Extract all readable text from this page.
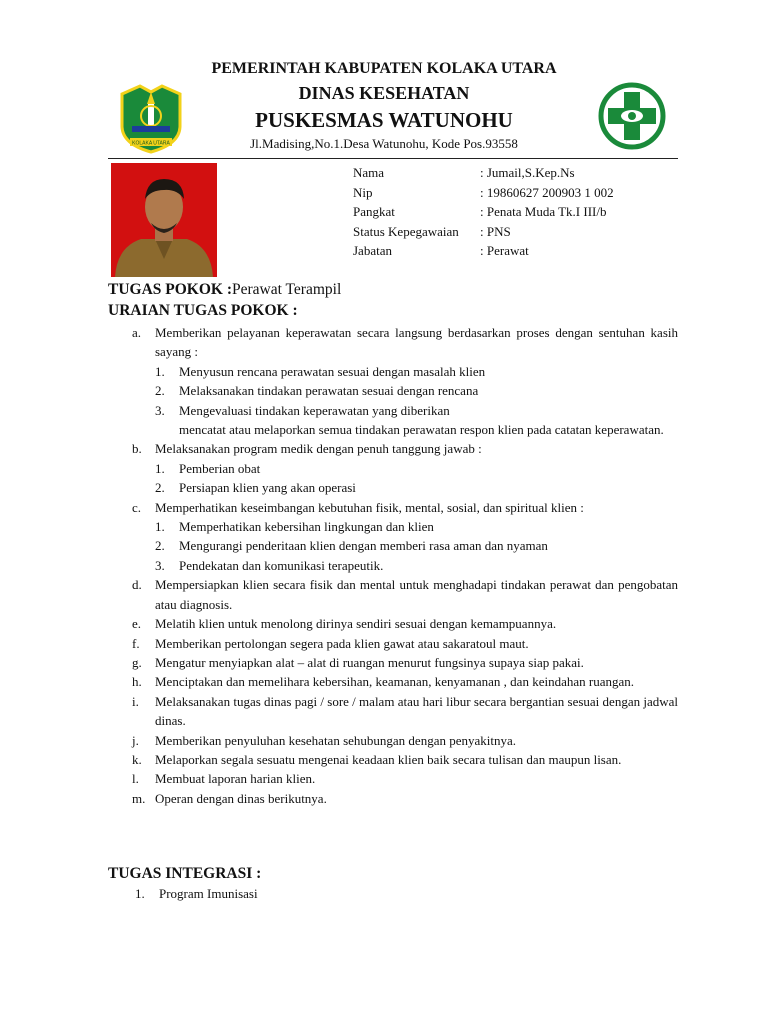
PEMERINTAH KABUPATEN KOLAKA UTARA
DINAS KESEHATAN
PUSKESMAS WATUNOHU
Jl.Madising,No.1.Desa Watunohu, Kode Pos.93558
KOLAKA UTARA
Nama	: Jumail,S.Kep.Ns
Nip	: 19860627 200903 1 002
Pangkat	: Penata Muda Tk.I III/b
Status Kepegawaian	: PNS
Jabatan	: Perawat
TUGAS POKOK :Perawat Terampil
URAIAN TUGAS POKOK :
a.	Memberikan pelayanan keperawatan secara langsung berdasarkan proses dengan sentuhan kasih sayang :
1.	Menyusun rencana perawatan sesuai dengan masalah klien
2.	Melaksanakan tindakan perawatan sesuai dengan rencana
3.	Mengevaluasi tindakan keperawatan yang diberikan
mencatat atau melaporkan semua tindakan perawatan respon klien pada catatan keperawatan.
b.	Melaksanakan program medik dengan penuh tanggung jawab :
1.	Pemberian obat
2.	Persiapan klien yang akan operasi
c.	Memperhatikan keseimbangan kebutuhan fisik, mental, sosial, dan spiritual klien :
1.	Memperhatikan kebersihan lingkungan dan klien
2.	Mengurangi penderitaan klien dengan memberi rasa aman dan nyaman
3.	Pendekatan dan komunikasi terapeutik.
d.	Mempersiapkan klien secara fisik dan mental untuk menghadapi tindakan perawat dan pengobatan atau diagnosis.
e.	Melatih klien untuk menolong dirinya sendiri sesuai dengan kemampuannya.
f.	Memberikan pertolongan segera pada klien gawat atau sakaratoul maut.
g.	Mengatur menyiapkan alat – alat di ruangan menurut fungsinya supaya siap pakai.
h.	Menciptakan dan memelihara kebersihan, keamanan, kenyamanan , dan keindahan ruangan.
i.	Melaksanakan tugas dinas pagi / sore / malam atau hari libur secara bergantian sesuai dengan jadwal dinas.
j.	Memberikan penyuluhan kesehatan sehubungan dengan penyakitnya.
k.	Melaporkan segala sesuatu mengenai keadaan klien baik secara tulisan dan maupun lisan.
l.	Membuat laporan harian klien.
m. Operan dengan dinas berikutnya.
TUGAS INTEGRASI :
1.	Program Imunisasi
